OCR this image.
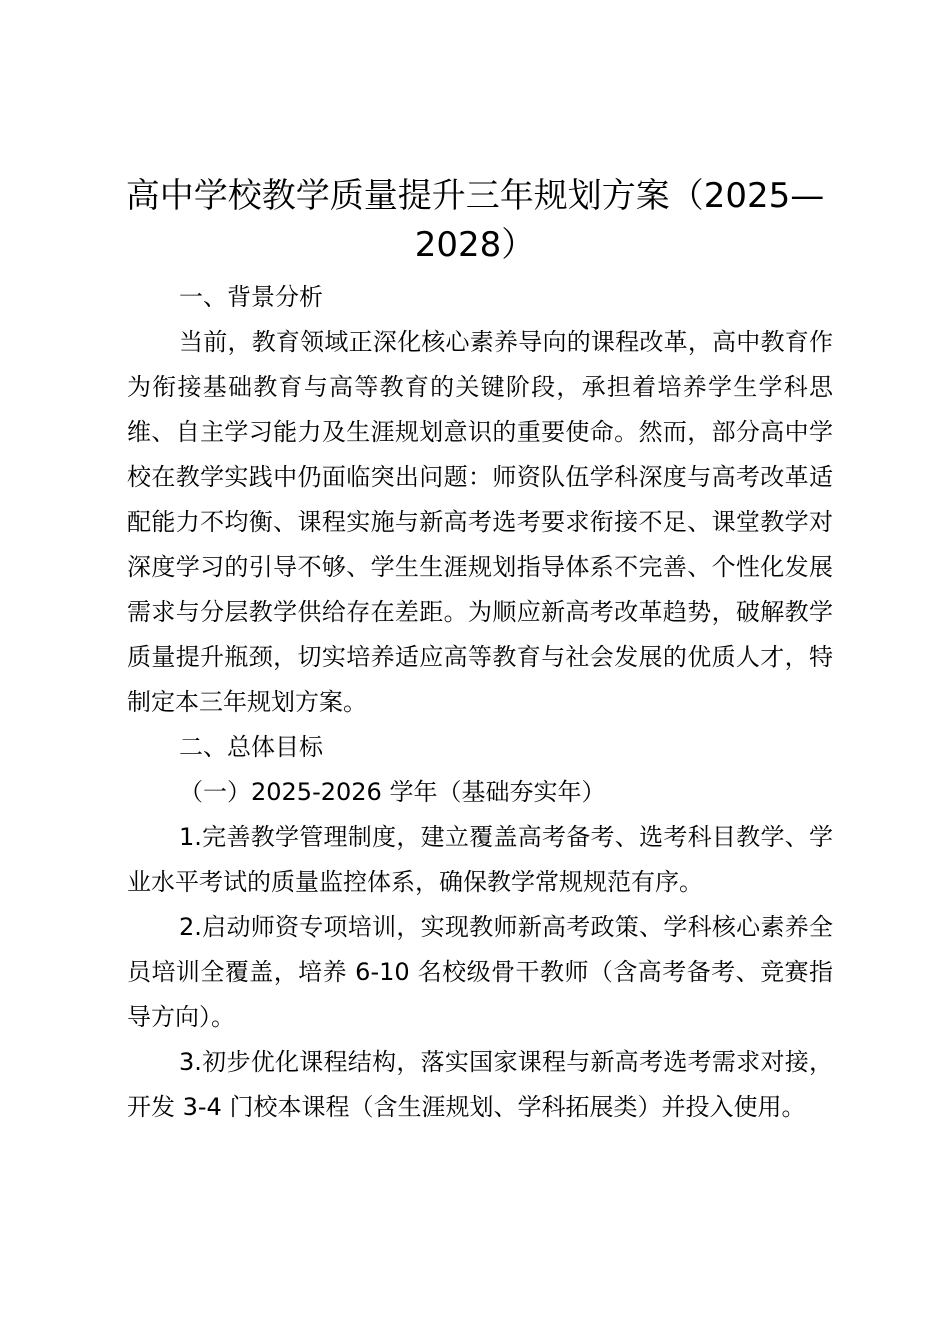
高中学校教学质量提升三年规划方案（2025—2028）

一、背景分析

当前，教育领域正深化核心素养导向的课程改革，高中教育作为衔接基础教育与高等教育的关键阶段，承担着培养学生学科思维、自主学习能力及生涯规划意识的重要使命。然而，部分高中学校在教学实践中仍面临突出问题：师资队伍学科深度与高考改革适配能力不均衡、课程实施与新高考选考要求衔接不足、课堂教学对深度学习的引导不够、学生生涯规划指导体系不完善、个性化发展需求与分层教学供给存在差距。为顺应新高考改革趋势，破解教学质量提升瓶颈，切实培养适应高等教育与社会发展的优质人才，特制定本三年规划方案。

二、总体目标

（一）2025-2026 学年（基础夯实年）

1.完善教学管理制度，建立覆盖高考备考、选考科目教学、学业水平考试的质量监控体系，确保教学常规规范有序。

2.启动师资专项培训，实现教师新高考政策、学科核心素养全员培训全覆盖，培养 6-10 名校级骨干教师（含高考备考、竞赛指导方向）。

3.初步优化课程结构，落实国家课程与新高考选考需求对接，开发 3-4 门校本课程（含生涯规划、学科拓展类）并投入使用。
